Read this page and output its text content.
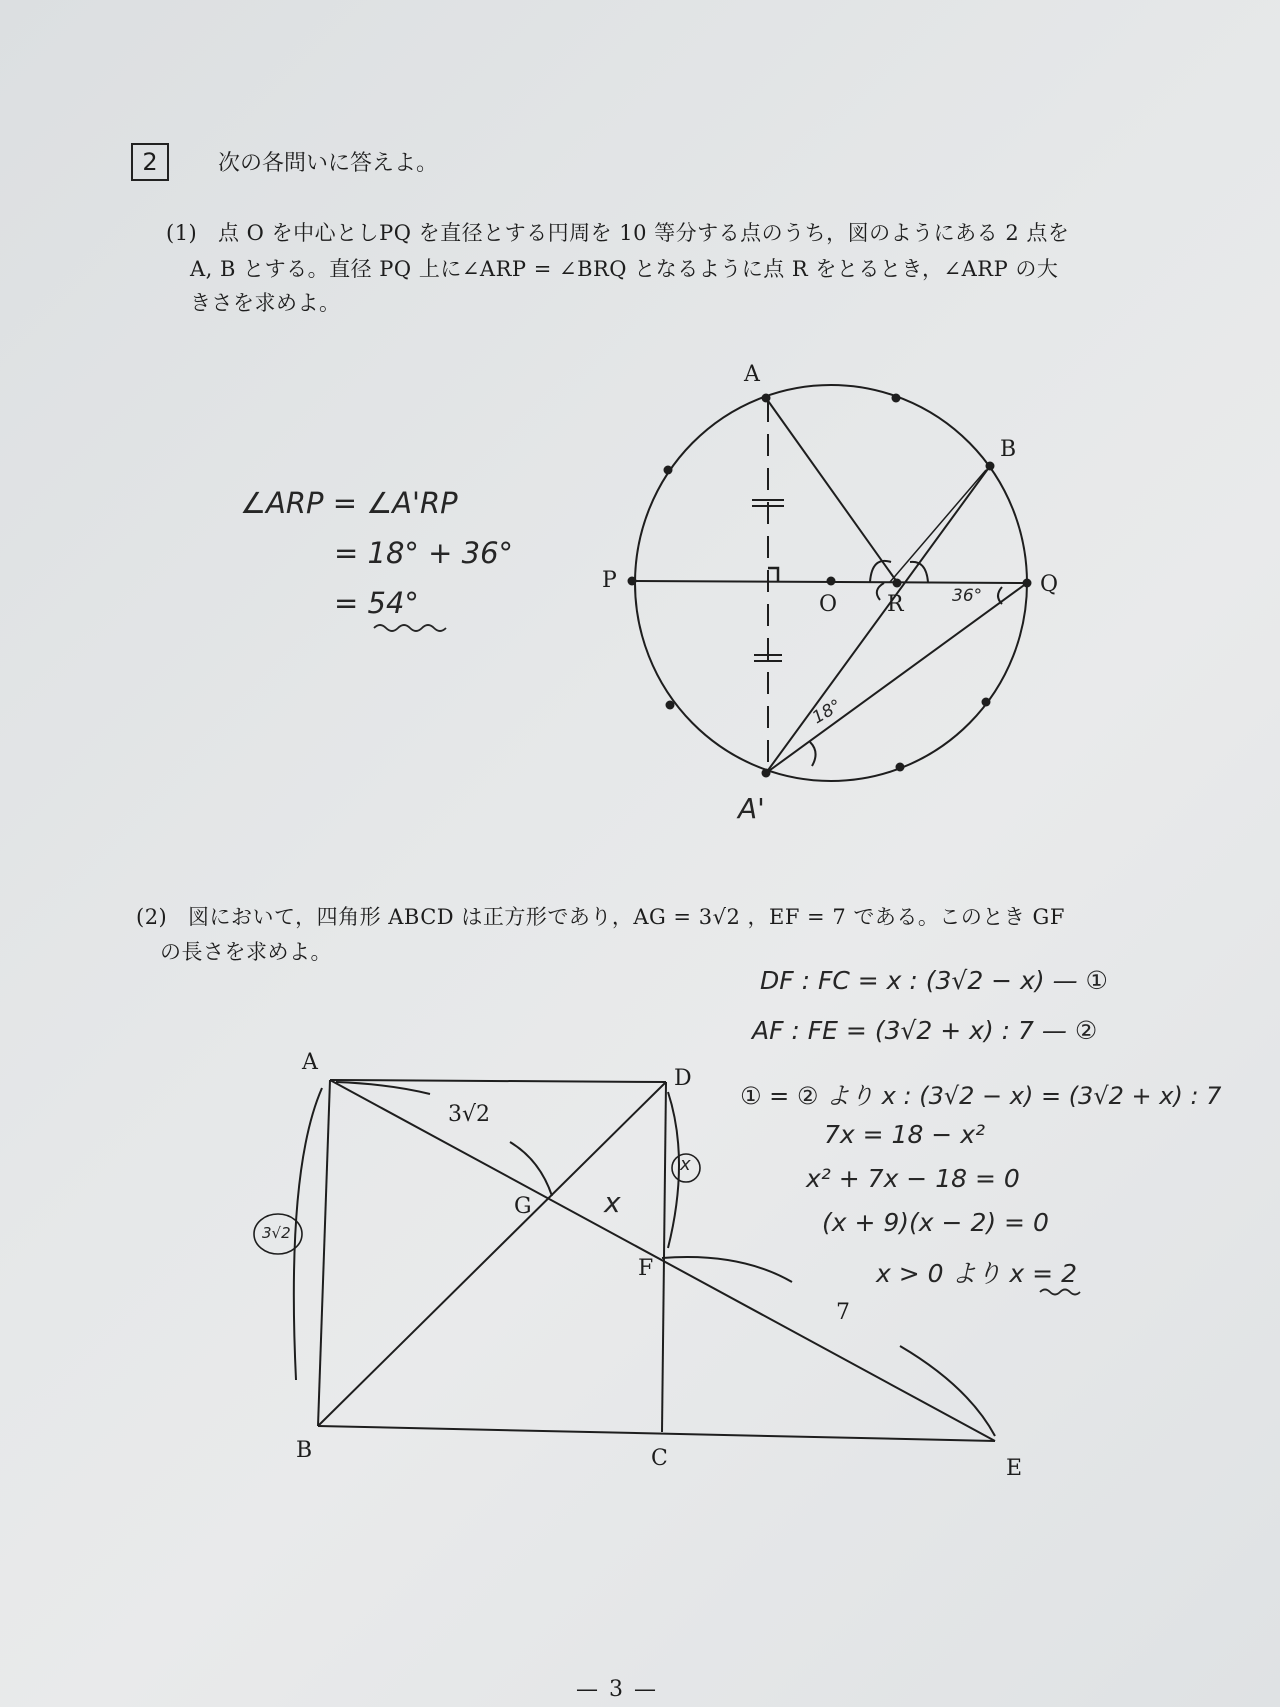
2	次の各問いに答えよ。
(1) 点 O を中心としPQ を直径とする円周を 10 等分する点のうち，図のようにある 2 点を
A, B とする。直径 PQ 上に∠ARP = ∠BRQ となるように点 R をとるとき，∠ARP の大
きさを求めよ。
(2) 図において，四角形 ABCD は正方形であり，AG = 3√2 ，EF = 7 である。このとき GF
の長さを求めよ。
A
B
P	Q
O R
A'
36°
18°
∠ARP = ∠A'RP
= 18° + 36°
= 54°
A
D
B	C	E
F
G
3√2
7
3√2
x
x
DF : FC = x : (3√2 − x) — ①
AF : FE = (3√2 + x) : 7 — ②
① = ② より x : (3√2 − x) = (3√2 + x) : 7
7x = 18 − x²
x² + 7x − 18 = 0
(x + 9)(x − 2) = 0
x > 0 より x = 2
— 3 —
